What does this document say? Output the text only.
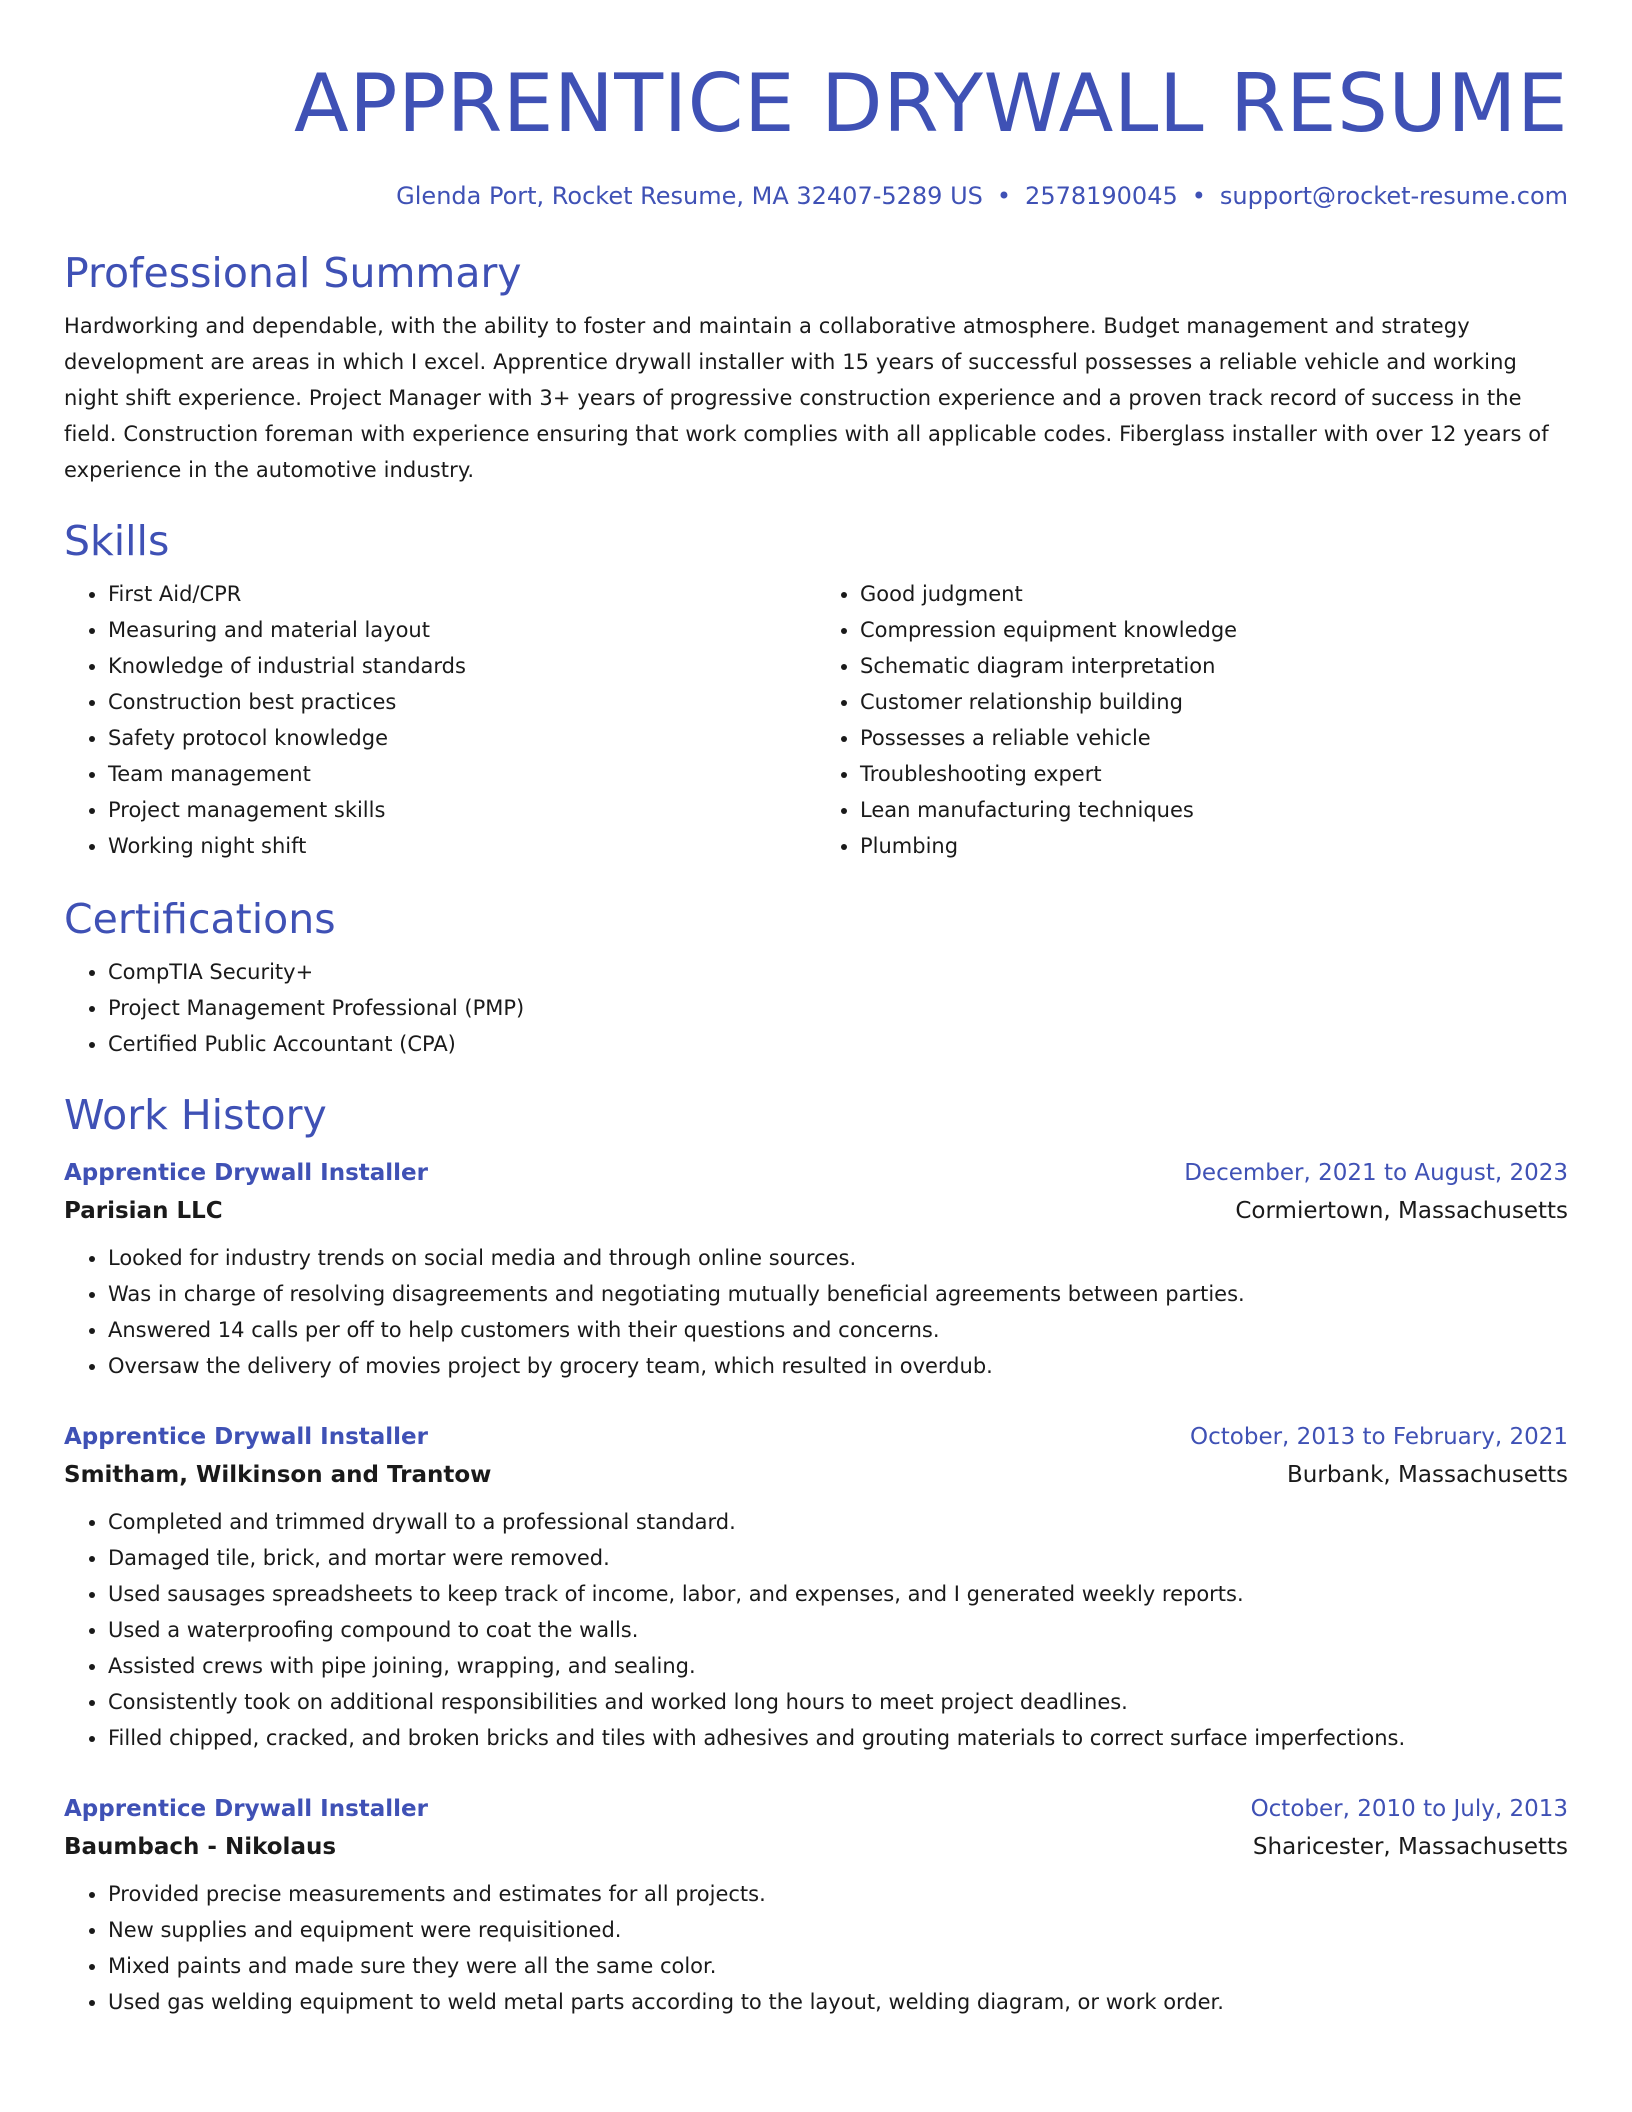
APPRENTICE DRYWALL RESUME
Glenda Port, Rocket Resume, MA 32407-5289 US • 2578190045 • support@rocket-resume.com
Professional Summary
Hardworking and dependable, with the ability to foster and maintain a collaborative atmosphere. Budget management and strategy development are areas in which I excel. Apprentice drywall installer with 15 years of successful possesses a reliable vehicle and working night shift experience. Project Manager with 3+ years of progressive construction experience and a proven track record of success in the field. Construction foreman with experience ensuring that work complies with all applicable codes. Fiberglass installer with over 12 years of experience in the automotive industry.
Skills
• First Aid/CPR
• Measuring and material layout
• Knowledge of industrial standards
• Construction best practices
• Safety protocol knowledge
• Team management
• Project management skills
• Working night shift
• Good judgment
• Compression equipment knowledge
• Schematic diagram interpretation
• Customer relationship building
• Possesses a reliable vehicle
• Troubleshooting expert
• Lean manufacturing techniques
• Plumbing
Certifications
• CompTIA Security+
• Project Management Professional (PMP)
• Certified Public Accountant (CPA)
Work History
Apprentice Drywall Installer	December, 2021 to August, 2023
Parisian LLC	Cormiertown, Massachusetts
• Looked for industry trends on social media and through online sources.
• Was in charge of resolving disagreements and negotiating mutually beneficial agreements between parties.
• Answered 14 calls per off to help customers with their questions and concerns.
• Oversaw the delivery of movies project by grocery team, which resulted in overdub.
Apprentice Drywall Installer	October, 2013 to February, 2021
Smitham, Wilkinson and Trantow	Burbank, Massachusetts
• Completed and trimmed drywall to a professional standard.
• Damaged tile, brick, and mortar were removed.
• Used sausages spreadsheets to keep track of income, labor, and expenses, and I generated weekly reports.
• Used a waterproofing compound to coat the walls.
• Assisted crews with pipe joining, wrapping, and sealing.
• Consistently took on additional responsibilities and worked long hours to meet project deadlines.
• Filled chipped, cracked, and broken bricks and tiles with adhesives and grouting materials to correct surface imperfections.
Apprentice Drywall Installer	October, 2010 to July, 2013
Baumbach - Nikolaus	Sharicester, Massachusetts
• Provided precise measurements and estimates for all projects.
• New supplies and equipment were requisitioned.
• Mixed paints and made sure they were all the same color.
• Used gas welding equipment to weld metal parts according to the layout, welding diagram, or work order.
